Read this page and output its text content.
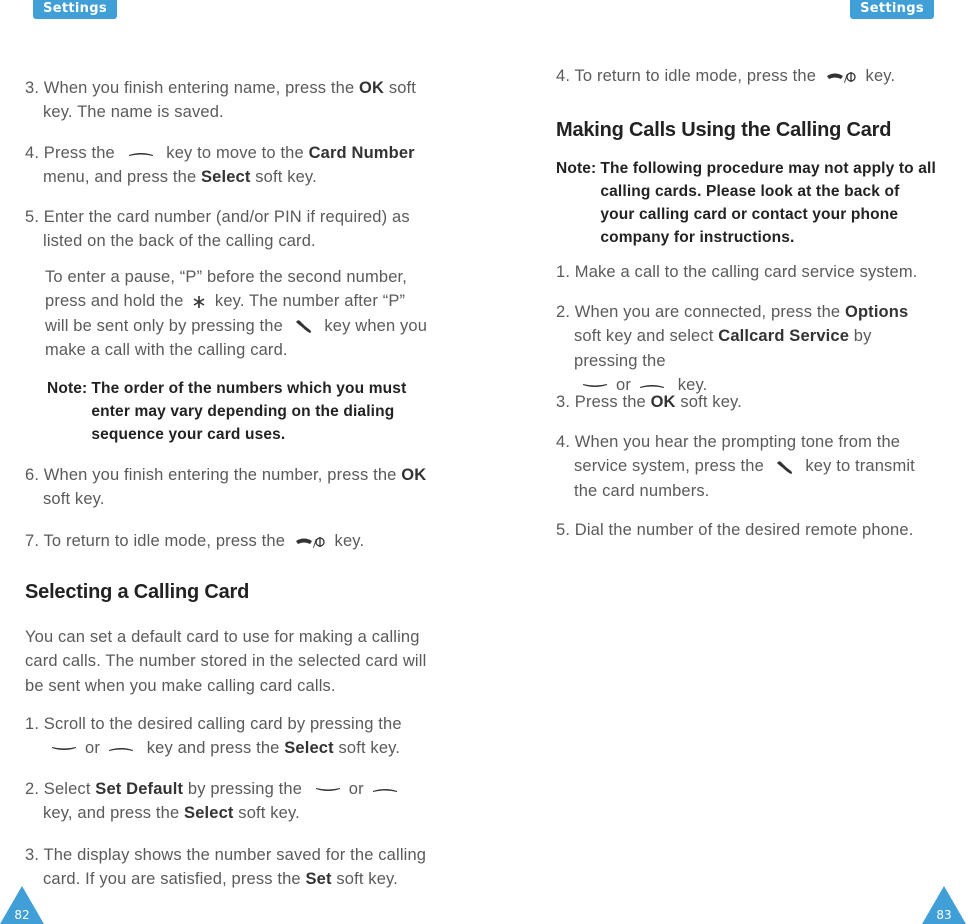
Settings

3. When you finish entering name, press the OK soft key. The name is saved.

4. Press the	key to move to the Card Number menu, and press the Select soft key.

5. Enter the card number (and/or PIN if required) as listed on the back of the calling card.

To enter a pause, “P” before the second number, press and hold the  key. The number after “P” will be sent only by pressing the  key when you make a call with the calling card.

Note: The order of the numbers which you must enter may vary depending on the dialing sequence your card uses.

6. When you finish entering the number, press the OK soft key.

7. To return to idle mode, press the / key.

Selecting a Calling Card

You can set a default card to use for making a calling card calls. The number stored in the selected card will be sent when you make calling card calls.

1. Scroll to the desired calling card by pressing the
or	key and press the Select soft key.

2. Select Set Default by pressing the	or key, and press the Select soft key.

3. The display shows the number saved for the calling card. If you are satisfied, press the Set soft key.

82
Settings

4. To return to idle mode, press the / key.

Making Calls Using the Calling Card
Note: The following procedure may not apply to all calling cards. Please look at the back of your calling card or contact your phone company for instructions.

1. Make a call to the calling card service system.

2. When you are connected, press the Options soft key and select Callcard Service by pressing the
or	key.

3. Press the OK soft key.

4. When you hear the prompting tone from the service system, press the  key to transmit the card numbers.

5. Dial the number of the desired remote phone.

83
